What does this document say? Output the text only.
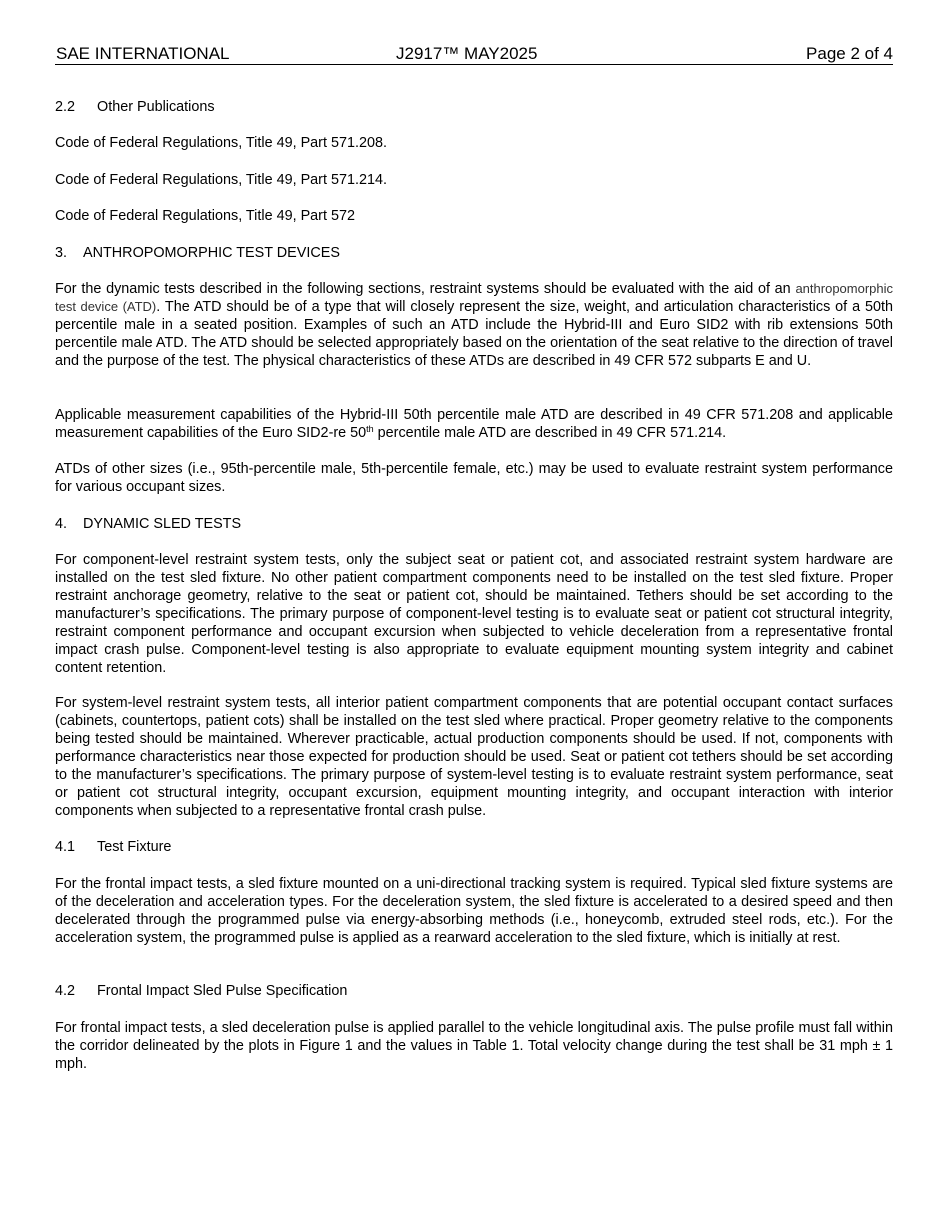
SAE INTERNATIONAL	J2917™ MAY2025	Page 2 of 4
2.2 Other Publications
Code of Federal Regulations, Title 49, Part 571.208.
Code of Federal Regulations, Title 49, Part 571.214.
Code of Federal Regulations, Title 49, Part 572
3. ANTHROPOMORPHIC TEST DEVICES
For the dynamic tests described in the following sections, restraint systems should be evaluated with the aid of an anthropomorphic test device (ATD). The ATD should be of a type that will closely represent the size, weight, and articulation characteristics of a 50th percentile male in a seated position. Examples of such an ATD include the Hybrid-III and Euro SID2 with rib extensions 50th percentile male ATD. The ATD should be selected appropriately based on the orientation of the seat relative to the direction of travel and the purpose of the test. The physical characteristics of these ATDs are described in 49 CFR 572 subparts E and U.
Applicable measurement capabilities of the Hybrid-III 50th percentile male ATD are described in 49 CFR 571.208 and applicable measurement capabilities of the Euro SID2-re 50th percentile male ATD are described in 49 CFR 571.214.
ATDs of other sizes (i.e., 95th-percentile male, 5th-percentile female, etc.) may be used to evaluate restraint system performance for various occupant sizes.
4. DYNAMIC SLED TESTS
For component-level restraint system tests, only the subject seat or patient cot, and associated restraint system hardware are installed on the test sled fixture. No other patient compartment components need to be installed on the test sled fixture. Proper restraint anchorage geometry, relative to the seat or patient cot, should be maintained. Tethers should be set according to the manufacturer’s specifications. The primary purpose of component-level testing is to evaluate seat or patient cot structural integrity, restraint component performance and occupant excursion when subjected to vehicle deceleration from a representative frontal impact crash pulse. Component-level testing is also appropriate to evaluate equipment mounting system integrity and cabinet content retention.
For system-level restraint system tests, all interior patient compartment components that are potential occupant contact surfaces (cabinets, countertops, patient cots) shall be installed on the test sled where practical. Proper geometry relative to the components being tested should be maintained. Wherever practicable, actual production components should be used. If not, components with performance characteristics near those expected for production should be used. Seat or patient cot tethers should be set according to the manufacturer’s specifications. The primary purpose of system-level testing is to evaluate restraint system performance, seat or patient cot structural integrity, occupant excursion, equipment mounting integrity, and occupant interaction with interior components when subjected to a representative frontal crash pulse.
4.1 Test Fixture
For the frontal impact tests, a sled fixture mounted on a uni-directional tracking system is required. Typical sled fixture systems are of the deceleration and acceleration types. For the deceleration system, the sled fixture is accelerated to a desired speed and then decelerated through the programmed pulse via energy-absorbing methods (i.e., honeycomb, extruded steel rods, etc.). For the acceleration system, the programmed pulse is applied as a rearward acceleration to the sled fixture, which is initially at rest.
4.2 Frontal Impact Sled Pulse Specification
For frontal impact tests, a sled deceleration pulse is applied parallel to the vehicle longitudinal axis. The pulse profile must fall within the corridor delineated by the plots in Figure 1 and the values in Table 1. Total velocity change during the test shall be 31 mph ± 1 mph.
